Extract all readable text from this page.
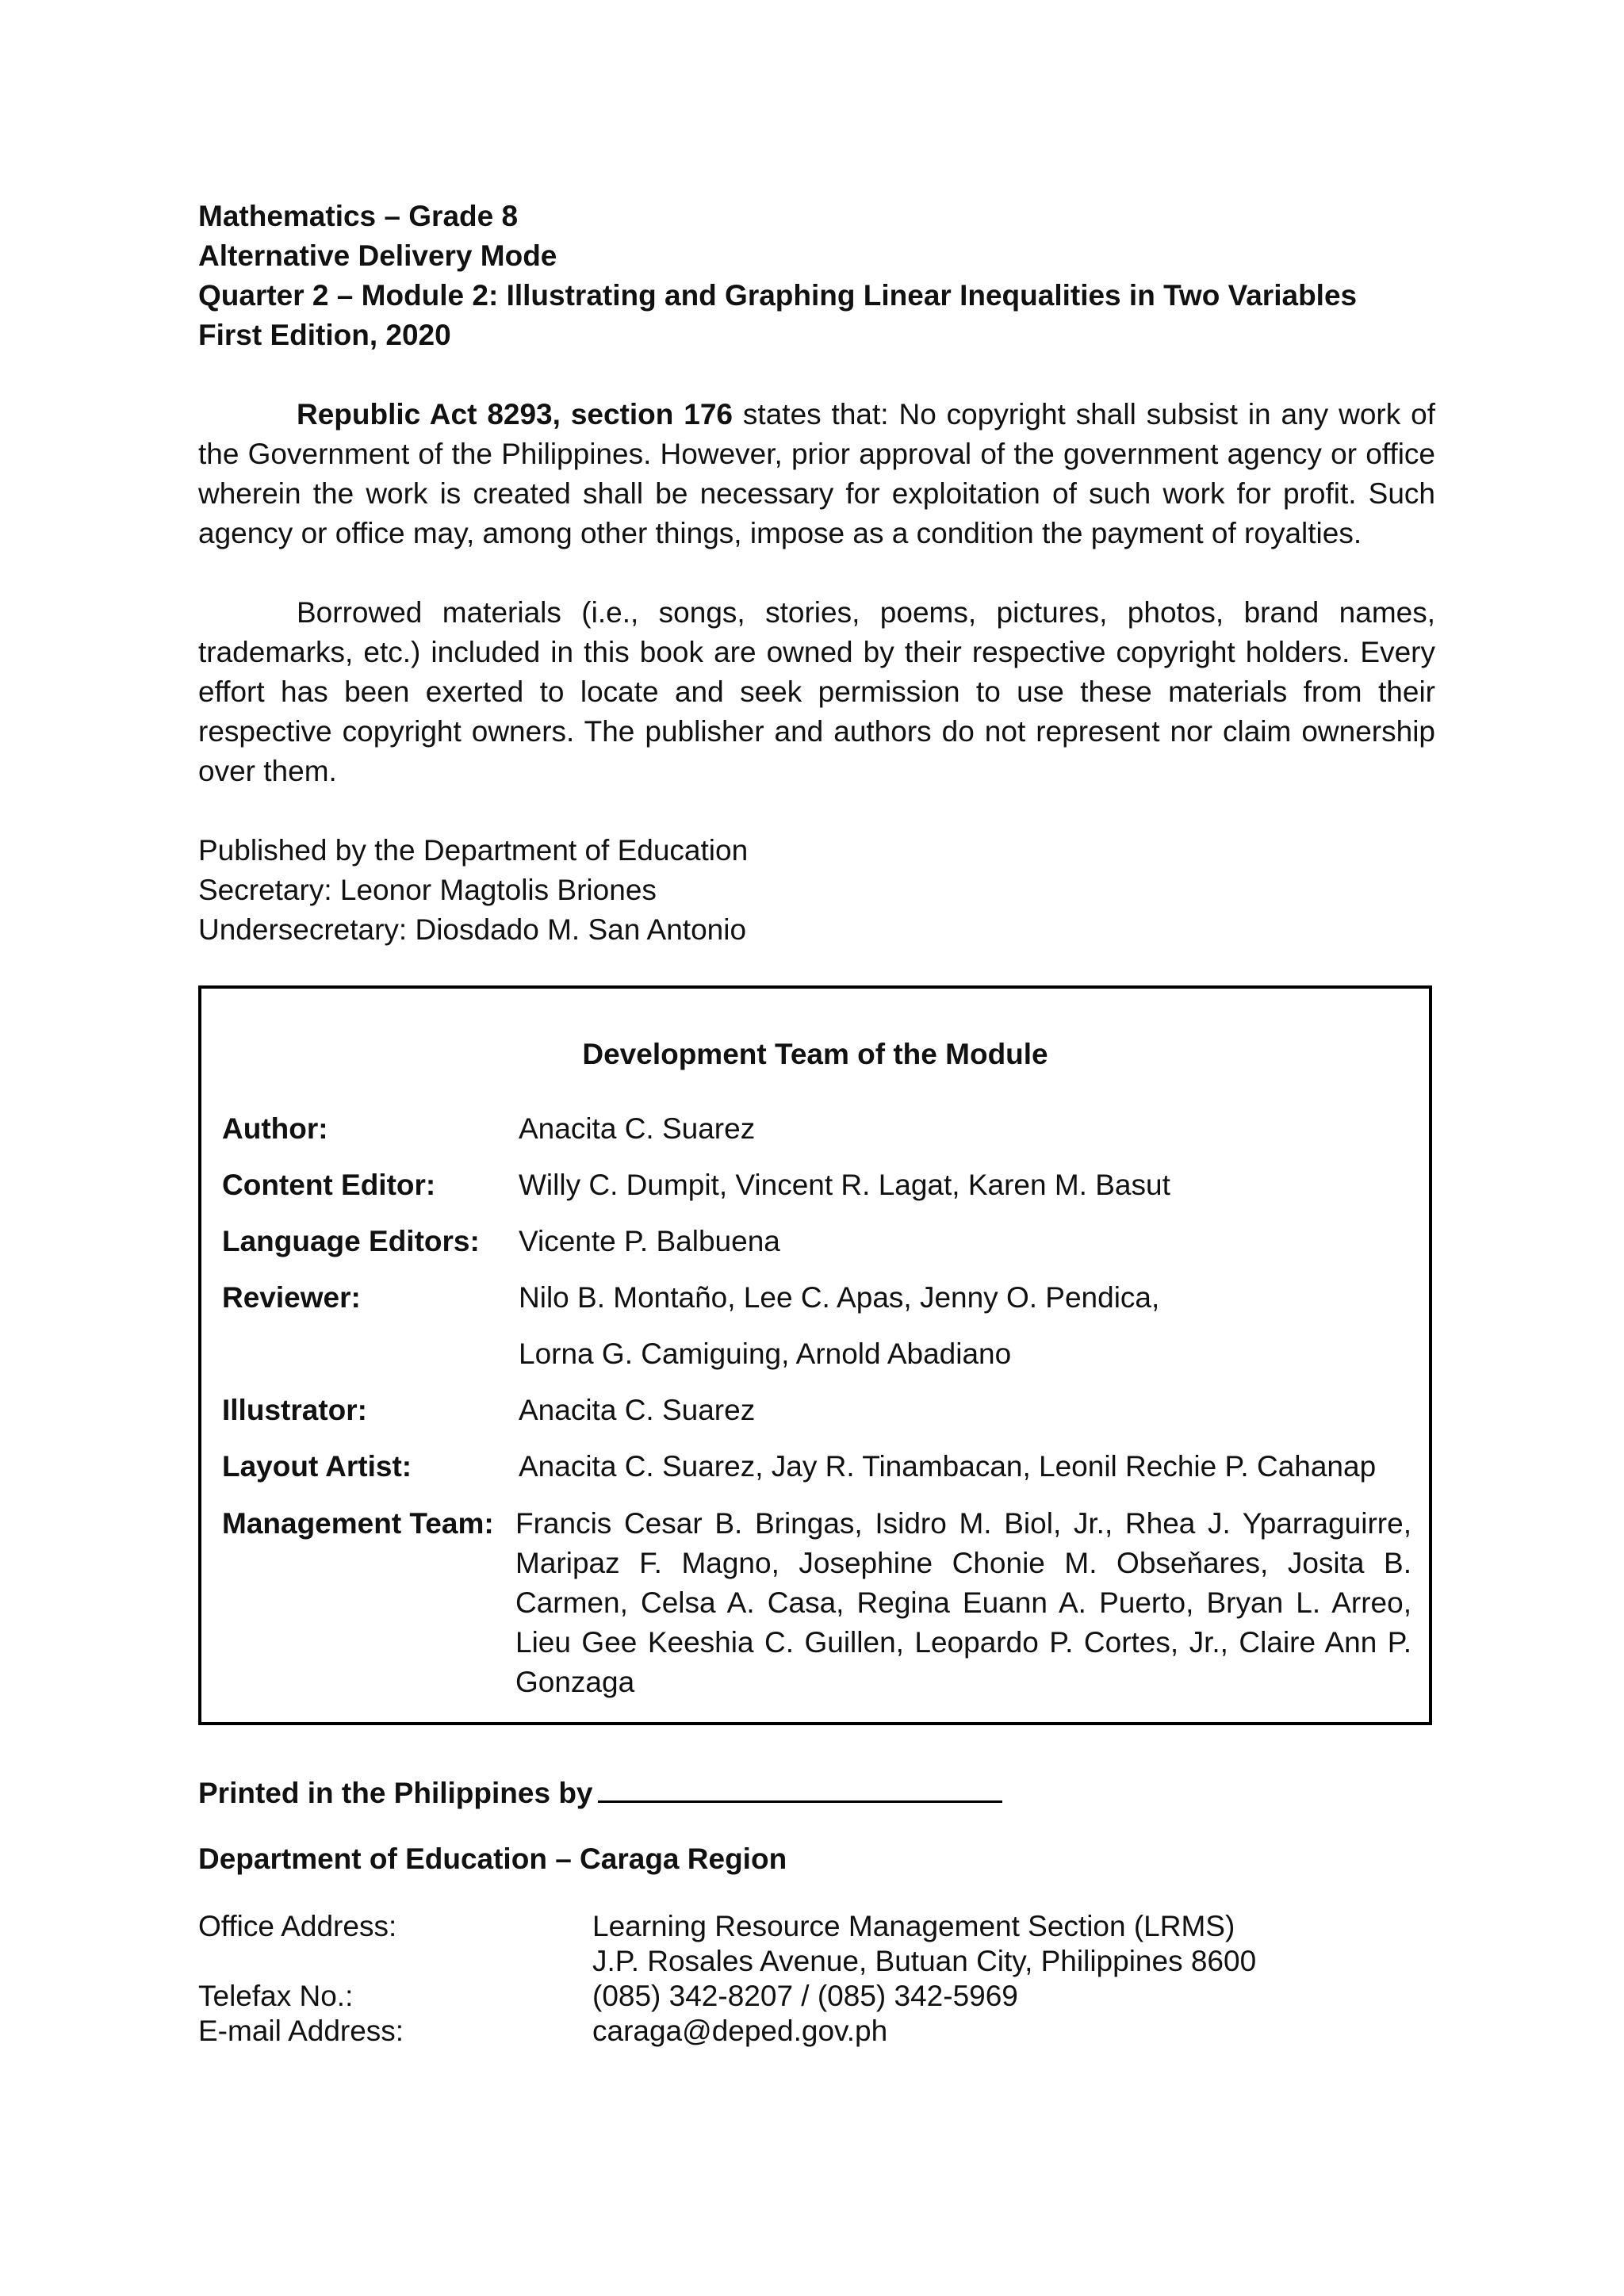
Mathematics – Grade 8
Alternative Delivery Mode
Quarter 2 – Module 2: Illustrating and Graphing Linear Inequalities in Two Variables
First Edition, 2020
Republic Act 8293, section 176 states that: No copyright shall subsist in any work of the Government of the Philippines. However, prior approval of the government agency or office wherein the work is created shall be necessary for exploitation of such work for profit. Such agency or office may, among other things, impose as a condition the payment of royalties.
Borrowed materials (i.e., songs, stories, poems, pictures, photos, brand names, trademarks, etc.) included in this book are owned by their respective copyright holders. Every effort has been exerted to locate and seek permission to use these materials from their respective copyright owners. The publisher and authors do not represent nor claim ownership over them.
Published by the Department of Education
Secretary: Leonor Magtolis Briones
Undersecretary: Diosdado M. San Antonio
Development Team of the Module
Author:	Anacita C. Suarez
Content Editor:	Willy C. Dumpit, Vincent R. Lagat, Karen M. Basut
Language Editors: Vicente P. Balbuena
Reviewer:	Nilo B. Montaño, Lee C. Apas, Jenny O. Pendica,
Lorna G. Camiguing, Arnold Abadiano
Illustrator:	Anacita C. Suarez
Layout Artist:	Anacita C. Suarez, Jay R. Tinambacan, Leonil Rechie P. Cahanap
Management Team: Francis Cesar B. Bringas, Isidro M. Biol, Jr., Rhea J. Yparraguirre, Maripaz F. Magno, Josephine Chonie M. Obseňares, Josita B. Carmen, Celsa A. Casa, Regina Euann A. Puerto, Bryan L. Arreo, Lieu Gee Keeshia C. Guillen, Leopardo P. Cortes, Jr., Claire Ann P. Gonzaga
Printed in the Philippines by
Department of Education – Caraga Region
Office Address:	Learning Resource Management Section (LRMS)
J.P. Rosales Avenue, Butuan City, Philippines 8600
Telefax No.:	(085) 342-8207 / (085) 342-5969
E-mail Address:	caraga@deped.gov.ph
